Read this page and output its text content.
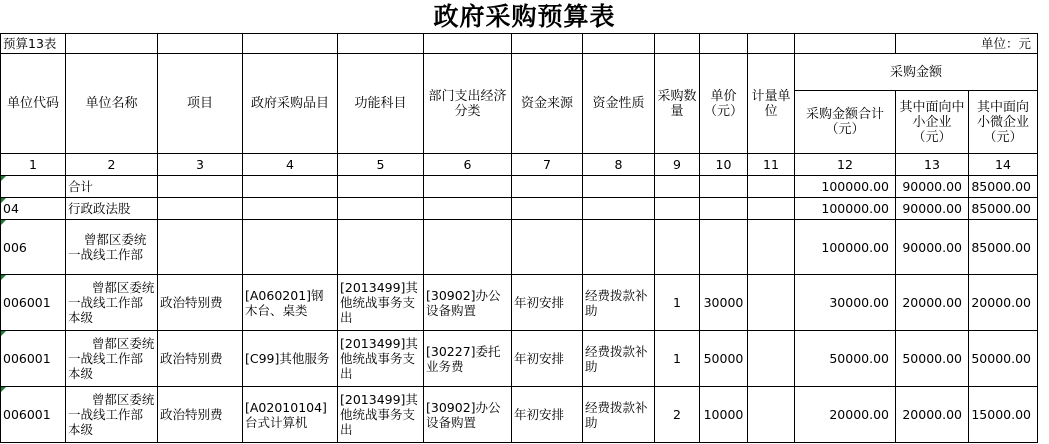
政府采购预算表
预算13表												单位：元	
单位代码	单位名称	项目	政府采购品目	功能科目	部门支出经济分类	资金来源	资金性质	采购数量	单价（元）	计量单位	采购金额		
											采购金额合计（元）	其中面向中小企业（元）	其中面向小微企业（元）
1	2	3	4	5	6	7	8	9	10	11	12	13	14
	合计										100000.00	90000.00	85000.00
04	行政政法股										100000.00	90000.00	85000.00
006	曾都区委统一战线工作部										100000.00	90000.00	85000.00
006001	曾都区委统一战线工作部本级	政治特别费	[A060201]钢木台、桌类	[2013499]其他统战事务支出	[30902]办公设备购置	年初安排	经费拨款补助	1	30000		30000.00	20000.00	20000.00
006001	曾都区委统一战线工作部本级	政治特别费	[C99]其他服务	[2013499]其他统战事务支出	[30227]委托业务费	年初安排	经费拨款补助	1	50000		50000.00	50000.00	50000.00
006001	曾都区委统一战线工作部本级	政治特别费	[A02010104]台式计算机	[2013499]其他统战事务支出	[30902]办公设备购置	年初安排	经费拨款补助	2	10000		20000.00	20000.00	15000.00
